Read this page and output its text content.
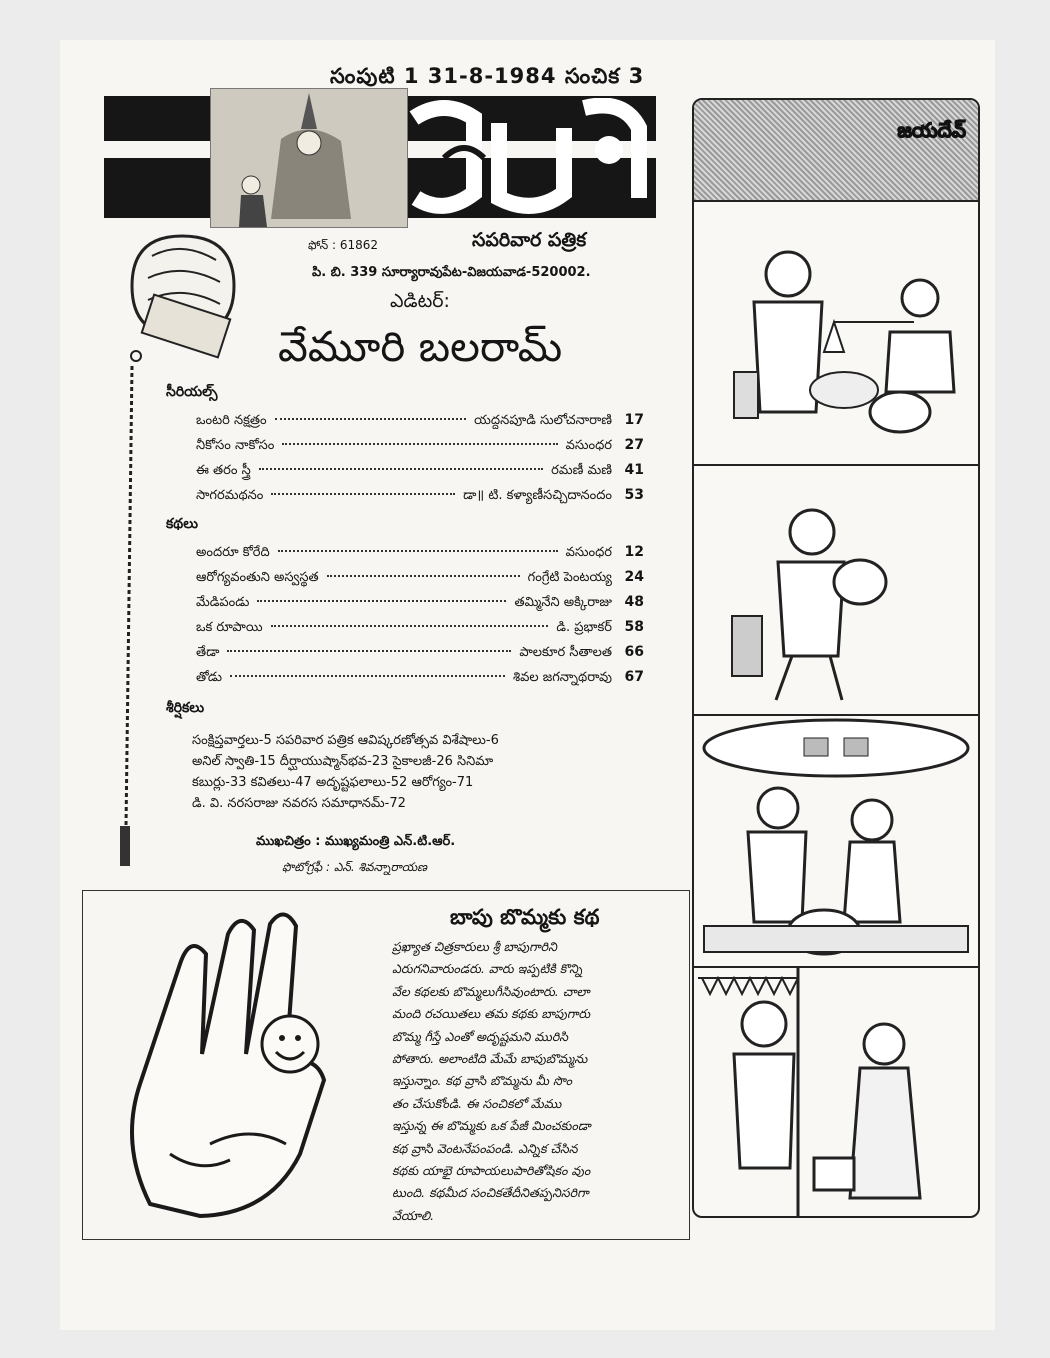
సంపుటి 1 31-8-1984 సంచిక 3
ఫోన్ : 61862	సపరివార పత్రిక
పి. బి. 339 సూర్యారావుపేట-విజయవాడ-520002.
ఎడిటర్:
వేమూరి బలరామ్
సీరియల్స్
ఒంటరి నక్షత్రం	యద్దనపూడి సులోచనారాణి 17
నీకోసం నాకోసం	వసుంధర 27
ఈ తరం స్త్రీ	రమణీ మణి 41
సాగరమథనం	డా॥ టి. కళ్యాణీసచ్చిదానందం 53
కథలు
అందరూ కోరేది	వసుంధర 12
ఆరోగ్యవంతుని అస్వస్థత	గంగ్రేటి పెంటయ్య 24
మేడిపండు	తమ్మినేని అక్కిరాజు 48
ఒక రూపాయి	డి. ప్రభాకర్ 58
తేడా	పాలకూర సీతాలత 66
తోడు	శివల జగన్నాథరావు 67
శీర్షికలు
సంక్షిప్తవార్తలు-5 సపరివార పత్రిక ఆవిష్కరణోత్సవ విశేషాలు-6
అనిల్ స్వాతి-15 దీర్ఘాయుష్మాన్‌భవ-23 సైకాలజీ-26 సినిమా
కబుర్లు-33 కవితలు-47 అదృష్టఫలాలు-52 ఆరోగ్యం-71
డి. వి. నరసరాజు నవరస సమాధానమ్-72
ముఖచిత్రం : ముఖ్యమంత్రి ఎన్.టి.ఆర్.
ఫొటోగ్రఫీ : ఎన్. శివన్నారాయణ
బాపు బొమ్మకు కథ
ప్రఖ్యాత చిత్రకారులు శ్రీ బాపుగారిని
ఎరుగనివారుండరు. వారు ఇప్పటికి కొన్ని
వేల కథలకు బొమ్మలుగీసివుంటారు. చాలా
మంది రచయితలు తమ కథకు బాపుగారు
బొమ్మ గీస్తే ఎంతో అదృష్టమని మురిసి
పోతారు. అలాంటిది మేమే బాపుబొమ్మను
ఇస్తున్నాం. కథ వ్రాసి బొమ్మను మీ సొం
తం చేసుకోండి. ఈ సంచికలో మేము
ఇస్తున్న ఈ బొమ్మకు ఒక పేజీ మించకుండా
కథ వ్రాసి వెంటనేపంపండి. ఎన్నిక చేసిన
కథకు యాభై రూపాయలుపారితోషికం వుం
టుంది. కథమీద సంచికతేదీనితప్పనిసరిగా
వేయాలి.
జయదేవ్
